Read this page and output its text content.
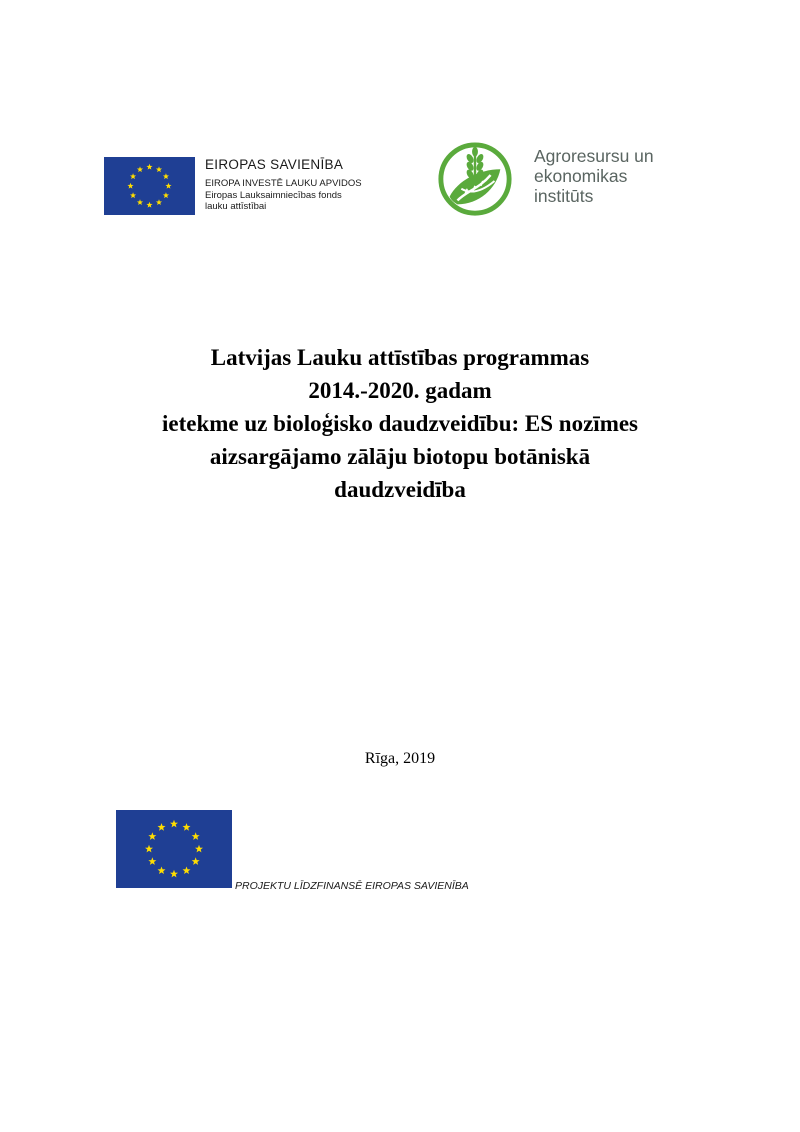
EIROPAS SAVIENĪBA
EIROPA INVESTĒ LAUKU APVIDOS
Eiropas Lauksaimniecības fonds
lauku attīstībai
Agroresursu un
ekonomikas
institūts
Latvijas Lauku attīstības programmas
2014.-2020. gadam
ietekme uz bioloģisko daudzveidību: ES nozīmes
aizsargājamo zālāju biotopu botāniskā
daudzveidība
Rīga, 2019
PROJEKTU LĪDZFINANSĒ EIROPAS SAVIENĪBA
